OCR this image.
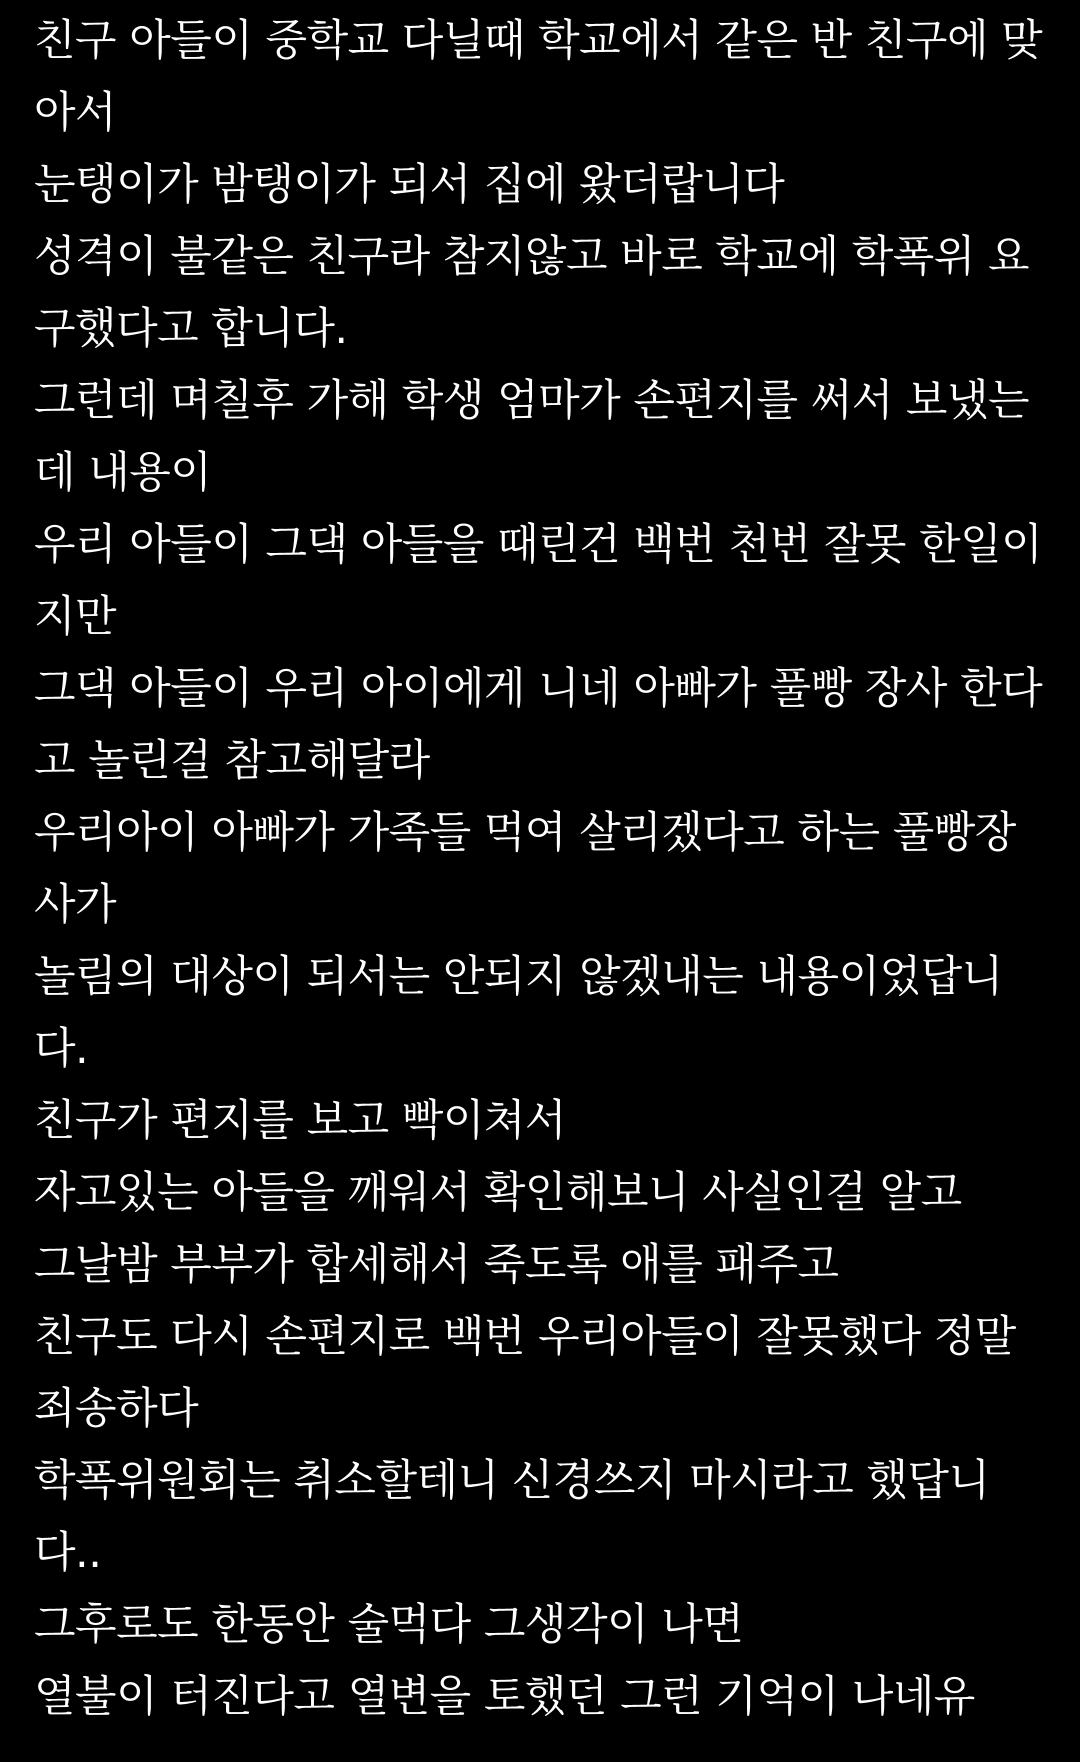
친구 아들이 중학교 다닐때 학교에서 같은 반 친구에 맞
아서
눈탱이가 밤탱이가 되서 집에 왔더랍니다
성격이 불같은 친구라 참지않고 바로 학교에 학폭위 요
구했다고 합니다.
그런데 며칠후 가해 학생 엄마가 손편지를 써서 보냈는
데 내용이
우리 아들이 그댁 아들을 때린건 백번 천번 잘못 한일이
지만
그댁 아들이 우리 아이에게 니네 아빠가 풀빵 장사 한다
고 놀린걸 참고해달라
우리아이 아빠가 가족들 먹여 살리겠다고 하는 풀빵장
사가
놀림의 대상이 되서는 안되지 않겠내는 내용이었답니
다.
친구가 편지를 보고 빡이쳐서
자고있는 아들을 깨워서 확인해보니 사실인걸 알고
그날밤 부부가 합세해서 죽도록 애를 패주고
친구도 다시 손편지로 백번 우리아들이 잘못했다 정말
죄송하다
학폭위원회는 취소할테니 신경쓰지 마시라고 했답니
다..
그후로도 한동안 술먹다 그생각이 나면
열불이 터진다고 열변을 토했던 그런 기억이 나네유
